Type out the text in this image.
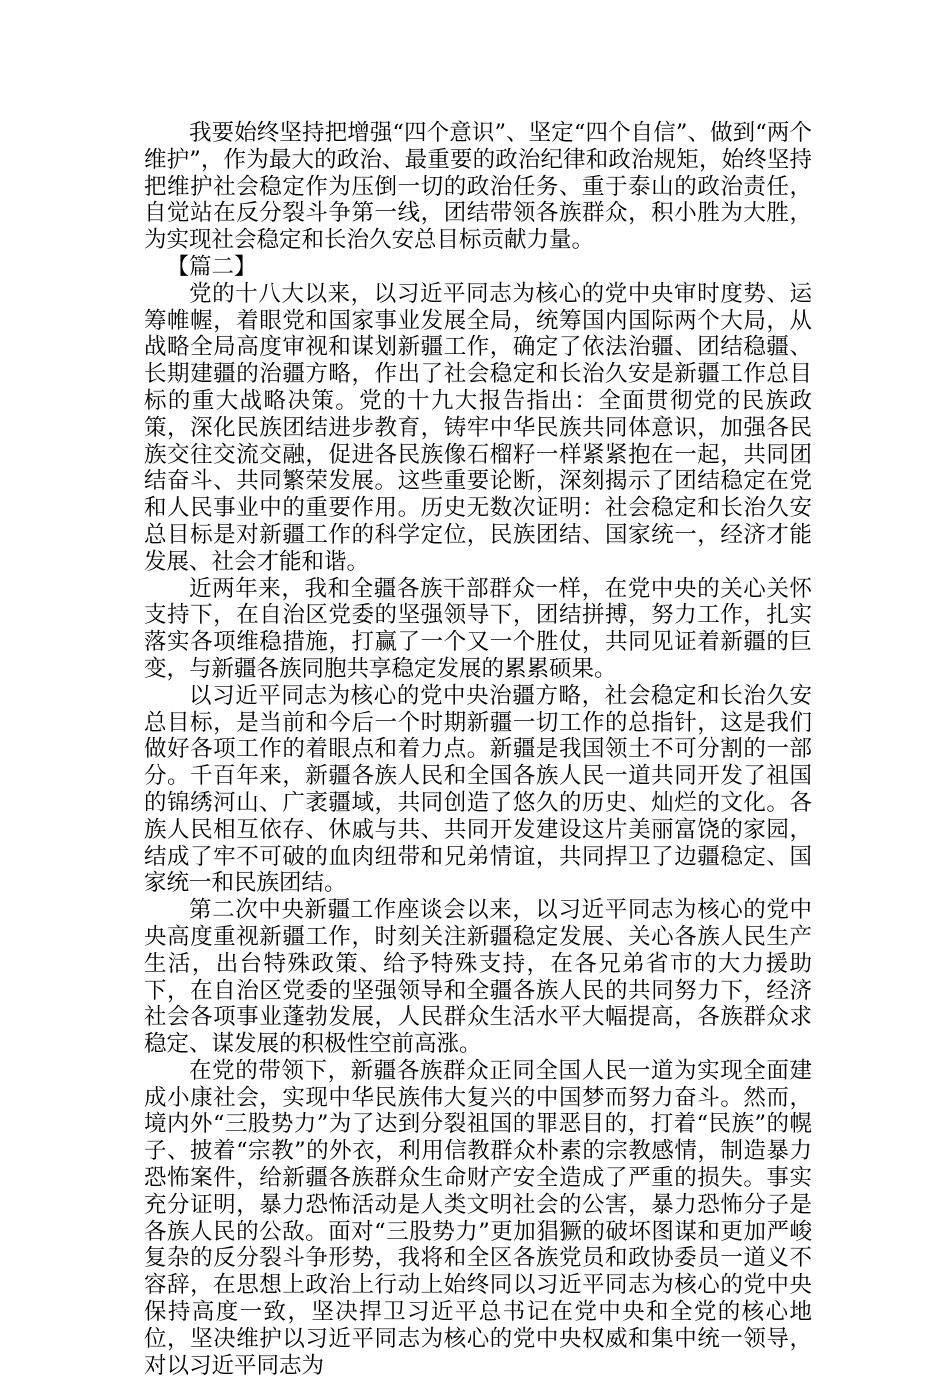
我要始终坚持把增强“四个意识”、坚定“四个自信”、做到“两个维护”，作为最大的政治、最重要的政治纪律和政治规矩，始终坚持把维护社会稳定作为压倒一切的政治任务、重于泰山的政治责任，自觉站在反分裂斗争第一线，团结带领各族群众，积小胜为大胜，为实现社会稳定和长治久安总目标贡献力量。

【篇二】

党的十八大以来，以习近平同志为核心的党中央审时度势、运筹帷幄，着眼党和国家事业发展全局，统筹国内国际两个大局，从战略全局高度审视和谋划新疆工作，确定了依法治疆、团结稳疆、长期建疆的治疆方略，作出了社会稳定和长治久安是新疆工作总目标的重大战略决策。党的十九大报告指出：全面贯彻党的民族政策，深化民族团结进步教育，铸牢中华民族共同体意识，加强各民族交往交流交融，促进各民族像石榴籽一样紧紧抱在一起，共同团结奋斗、共同繁荣发展。这些重要论断，深刻揭示了团结稳定在党和人民事业中的重要作用。历史无数次证明：社会稳定和长治久安总目标是对新疆工作的科学定位，民族团结、国家统一，经济才能发展、社会才能和谐。

近两年来，我和全疆各族干部群众一样，在党中央的关心关怀支持下，在自治区党委的坚强领导下，团结拼搏，努力工作，扎实落实各项维稳措施，打赢了一个又一个胜仗，共同见证着新疆的巨变，与新疆各族同胞共享稳定发展的累累硕果。

以习近平同志为核心的党中央治疆方略，社会稳定和长治久安总目标，是当前和今后一个时期新疆一切工作的总指针，这是我们做好各项工作的着眼点和着力点。新疆是我国领土不可分割的一部分。千百年来，新疆各族人民和全国各族人民一道共同开发了祖国的锦绣河山、广袤疆域，共同创造了悠久的历史、灿烂的文化。各族人民相互依存、休戚与共、共同开发建设这片美丽富饶的家园，结成了牢不可破的血肉纽带和兄弟情谊，共同捍卫了边疆稳定、国家统一和民族团结。

第二次中央新疆工作座谈会以来，以习近平同志为核心的党中央高度重视新疆工作，时刻关注新疆稳定发展、关心各族人民生产生活，出台特殊政策、给予特殊支持，在各兄弟省市的大力援助下，在自治区党委的坚强领导和全疆各族人民的共同努力下，经济社会各项事业蓬勃发展，人民群众生活水平大幅提高，各族群众求稳定、谋发展的积极性空前高涨。

在党的带领下，新疆各族群众正同全国人民一道为实现全面建成小康社会，实现中华民族伟大复兴的中国梦而努力奋斗。然而，境内外“三股势力”为了达到分裂祖国的罪恶目的，打着“民族”的幌子、披着“宗教”的外衣，利用信教群众朴素的宗教感情，制造暴力恐怖案件，给新疆各族群众生命财产安全造成了严重的损失。事实充分证明，暴力恐怖活动是人类文明社会的公害，暴力恐怖分子是各族人民的公敌。面对“三股势力”更加猖獗的破坏图谋和更加严峻复杂的反分裂斗争形势，我将和全区各族党员和政协委员一道义不容辞，在思想上政治上行动上始终同以习近平同志为核心的党中央保持高度一致，坚决捍卫习近平总书记在党中央和全党的核心地位，坚决维护以习近平同志为核心的党中央权威和集中统一领导，对以习近平同志为
